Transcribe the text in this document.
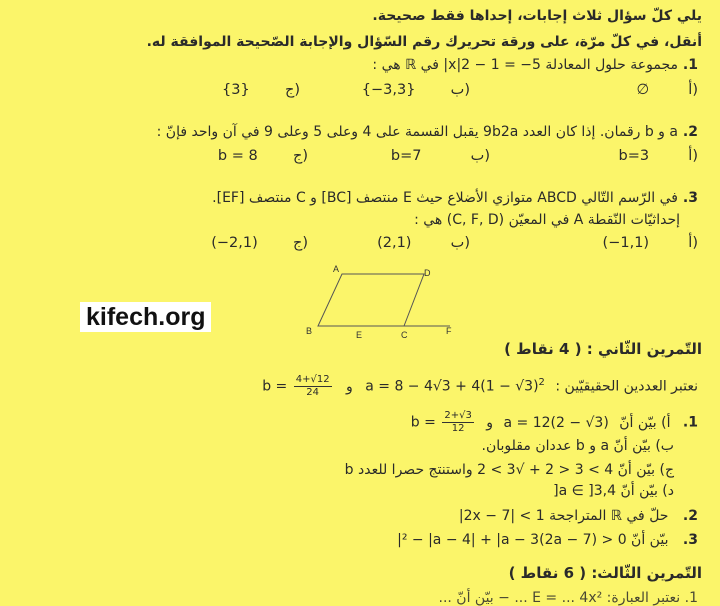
يلي كلّ سؤال ثلاث إجابات، إحداها فقط صحيحة.
أنقل، في كلّ مرّة، على ورقة تحريرك رقم السّؤال والإجابة الصّحيحة الموافقة له.
1.
مجموعة حلول المعادلة 5− = 1 − 2|x| في ℝ هي :
∅	أ)
{−3,3} ب)
{3} ج)
2.
a و b رقمان. إذا كان العدد 9b2a يقبل القسمة على 4 وعلى 5 وعلى 9 في آن واحد فإنّ :
b=3	أ)
b=7	ب)
b = 8 ج)
3.
في الرّسم التّالي ABCD متوازي الأضلاع حيث E منتصف [BC] و C منتصف [EF].
إحداثيّات النّقطة A في المعيّن (C, F, D) هي :
(−1,1)	أ)
(2,1)	ب)
(−2,1) ج)
A	D
B	E	C	F
kifech.org
التّمرين الثّاني : ( 4 نقاط )
نعتبر العددين الحقيقيّين : $a = 8 - 4√3 + 4(1 - √3)^2$ و $b = \frac{4+√12}{24}$
1. أ) بيّن أنّ a = 12(2 − √3) و $b = \frac{2+√3}{12}$
ب) بيّن أنّ a و b عددان مقلوبان.
ج) بيّن أنّ 4 > 3 < 2 + √3 > 2 واستنتج حصرا للعدد b
د) بيّن أنّ a ∈ ]3,4[
2. حلّ في ℝ المتراجحة 1 > |2x − 7|
3. بيّن أنّ 0 < (2a − 7)² − |a − 4| + |a − 3|
التّمرين الثّالث: ( 6 نقاط )
1. نعتبر العبارة: E = ... 4x² ... − بيّن أنّ ...
